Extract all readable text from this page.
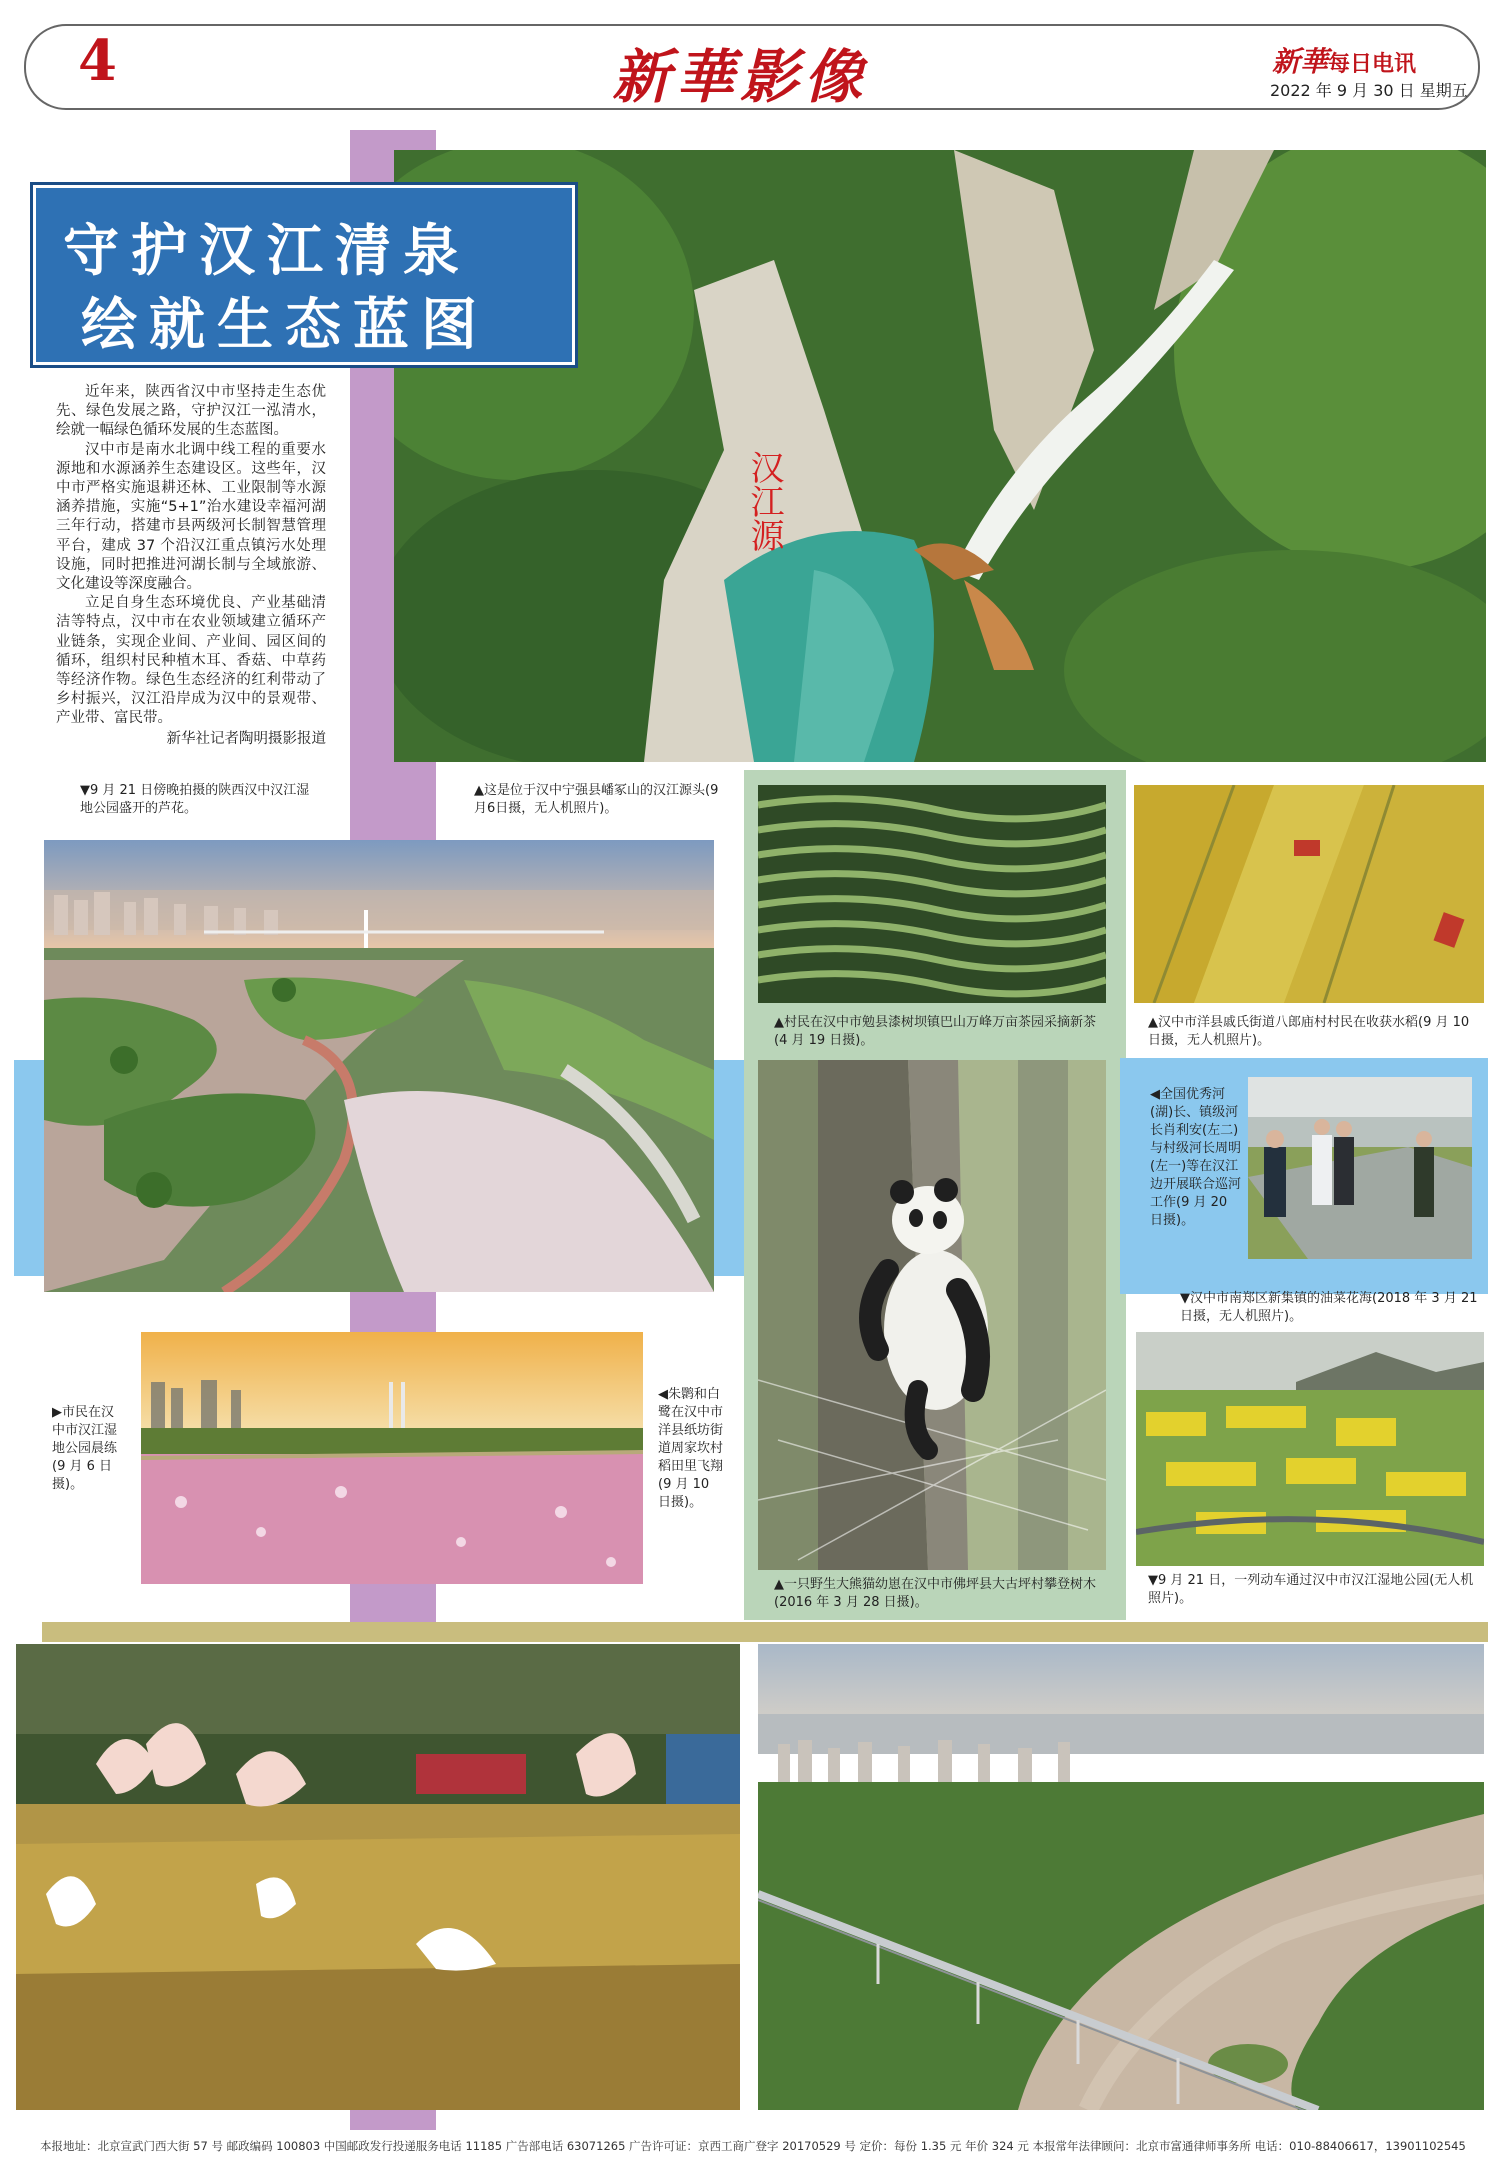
4	新華影像	新華每日电讯
2022 年 9 月 30 日 星期五
汉江源
守护汉江清泉
绘就生态蓝图

近年来，陕西省汉中市坚持走生态优先、绿色发展之路，守护汉江一泓清水，绘就一幅绿色循环发展的生态蓝图。

汉中市是南水北调中线工程的重要水源地和水源涵养生态建设区。这些年，汉中市严格实施退耕还林、工业限制等水源涵养措施，实施“5+1”治水建设幸福河湖三年行动，搭建市县两级河长制智慧管理平台，建成 37 个沿汉江重点镇污水处理设施，同时把推进河湖长制与全域旅游、文化建设等深度融合。

立足自身生态环境优良、产业基础清洁等特点，汉中市在农业领域建立循环产业链条，实现企业间、产业间、园区间的循环，组织村民种植木耳、香菇、中草药等经济作物。绿色生态经济的红利带动了乡村振兴，汉江沿岸成为汉中的景观带、产业带、富民带。

新华社记者陶明摄影报道
▼9 月 21 日傍晚拍摄的陕西汉中汉江湿地公园盛开的芦花。
▲这是位于汉中宁强县嶓冢山的汉江源头(9月6日摄，无人机照片)。
▲村民在汉中市勉县漆树坝镇巴山万峰万亩茶园采摘新茶(4 月 19 日摄)。
▲汉中市洋县戚氏街道八郎庙村村民在收获水稻(9 月 10 日摄，无人机照片)。
▲一只野生大熊猫幼崽在汉中市佛坪县大古坪村攀登树木(2016 年 3 月 28 日摄)。
◀全国优秀河(湖)长、镇级河长肖利安(左二)与村级河长周明(左一)等在汉江边开展联合巡河工作(9 月 20 日摄)。
▼汉中市南郑区新集镇的油菜花海(2018 年 3 月 21 日摄，无人机照片)。
▼9 月 21 日，一列动车通过汉中市汉江湿地公园(无人机照片)。
▶市民在汉中市汉江湿地公园晨练(9 月 6 日摄)。
◀朱鹮和白鹭在汉中市洋县纸坊街道周家坎村稻田里飞翔(9 月 10 日摄)。
本报地址：北京宣武门西大街 57 号 邮政编码 100803 中国邮政发行投递服务电话 11185 广告部电话 63071265 广告许可证：京西工商广登字 20170529 号 定价：每份 1.35 元 年价 324 元 本报常年法律顾问：北京市富通律师事务所 电话：010-88406617，13901102545
